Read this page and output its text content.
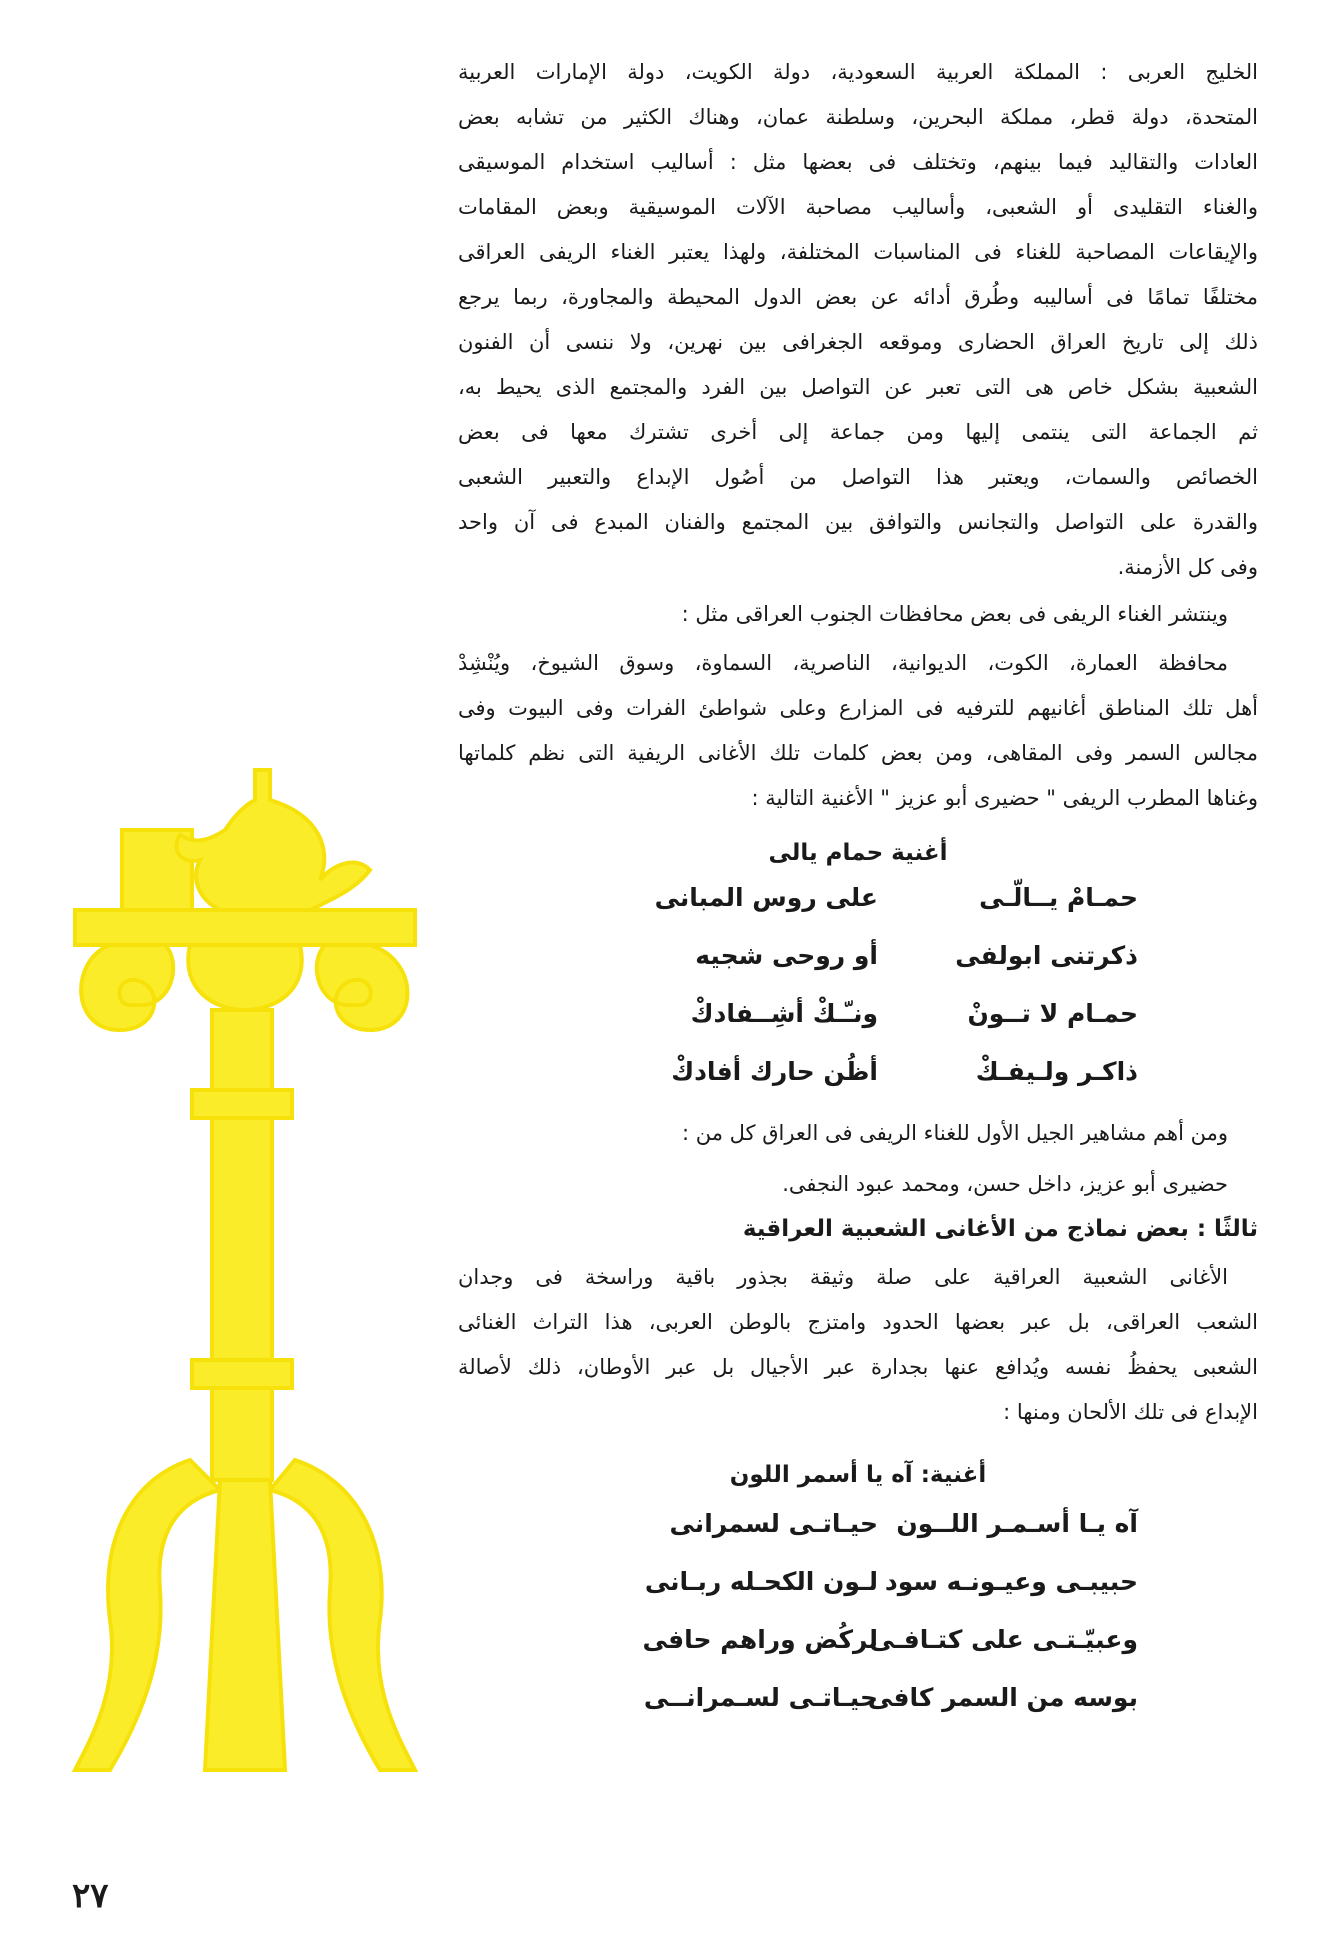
الخليج العربى : المملكة العربية السعودية، دولة الكويت، دولة الإمارات العربية
المتحدة، دولة قطر، مملكة البحرين، وسلطنة عمان، وهناك الكثير من تشابه بعض
العادات والتقاليد فيما بينهم، وتختلف فى بعضها مثل : أساليب استخدام الموسيقى
والغناء التقليدى أو الشعبى، وأساليب مصاحبة الآلات الموسيقية وبعض المقامات
والإيقاعات المصاحبة للغناء فى المناسبات المختلفة، ولهذا يعتبر الغناء الريفى العراقى
مختلفًا تمامًا فى أساليبه وطُرق أدائه عن بعض الدول المحيطة والمجاورة، ربما يرجع
ذلك إلى تاريخ العراق الحضارى وموقعه الجغرافى بين نهرين، ولا ننسى أن الفنون
الشعبية بشكل خاص هى التى تعبر عن التواصل بين الفرد والمجتمع الذى يحيط به،
ثم الجماعة التى ينتمى إليها ومن جماعة إلى أخرى تشترك معها فى بعض
الخصائص والسمات، ويعتبر هذا التواصل من أصُول الإبداع والتعبير الشعبى
والقدرة على التواصل والتجانس والتوافق بين المجتمع والفنان المبدع فى آن واحد
وفى كل الأزمنة.

وينتشر الغناء الريفى فى بعض محافظات الجنوب العراقى مثل :

محافظة العمارة، الكوت، الديوانية، الناصرية، السماوة، وسوق الشيوخ، ويُنْشِدْ
أهل تلك المناطق أغانيهم للترفيه فى المزارع وعلى شواطئ الفرات وفى البيوت وفى
مجالس السمر وفى المقاهى، ومن بعض كلمات تلك الأغانى الريفية التى نظم كلماتها
وغناها المطرب الريفى " حضيرى أبو عزيز " الأغنية التالية :

أغنية حمام يالى

حمـامْ يــالّـى
على روس المبانى
ذكرتنى ابولفى
أو روحى شجيه
حمـام لا تــونْ
ونـّـكْ أشِــفادكْ
ذاكـر ولـيفـكْ
أظُن حارك أفادكْ

ومن أهم مشاهير الجيل الأول للغناء الريفى فى العراق كل من :

حضيرى أبو عزيز، داخل حسن، ومحمد عبود النجفى.

ثالثًا : بعض نماذج من الأغانى الشعبية العراقية

الأغانى الشعبية العراقية على صلة وثيقة بجذور باقية وراسخة فى وجدان
الشعب العراقى، بل عبر بعضها الحدود وامتزج بالوطن العربى، هذا التراث الغنائى
الشعبى يحفظُ نفسه ويُدافع عنها بجدارة عبر الأجيال بل عبر الأوطان، ذلك لأصالة
الإبداع فى تلك الألحان ومنها :

أغنية: آه يا أسمر اللون

آه يـا أسـمـر اللــون
حيـاتـى لسمرانى
حبيبـى وعيـونـه سود
لـون الكحـله ربـانى
وعبيّـتـى على كتـافـى
لركُض وراهم حافى
بوسه من السمر كافى
حيـاتـى لسـمرانــى
٢٧
